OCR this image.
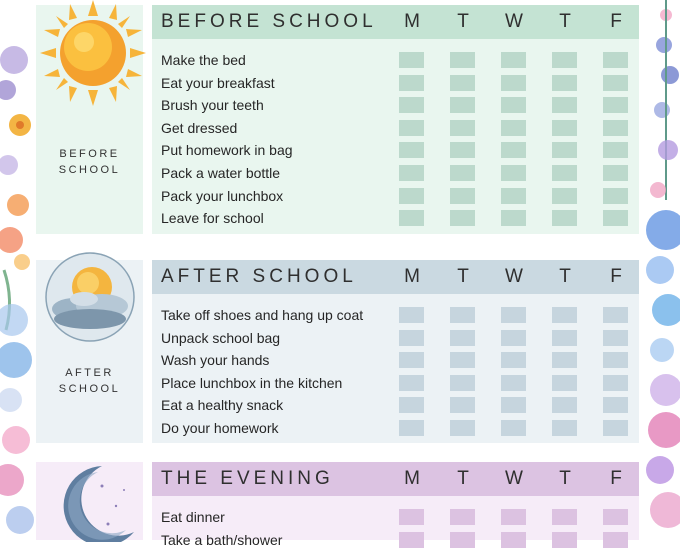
BEFORE
SCHOOL
BEFORE SCHOOL	M	T	W	T	F
Make the bed
Eat your breakfast
Brush your teeth
Get dressed
Put homework in bag
Pack a water bottle
Pack your lunchbox
Leave for school
AFTER
SCHOOL
AFTER SCHOOL	M	T	W	T	F
Take off shoes and hang up coat
Unpack school bag
Wash your hands
Place lunchbox in the kitchen
Eat a healthy snack
Do your homework
THE EVENING	M	T	W	T	F
Eat dinner
Take a bath/shower
